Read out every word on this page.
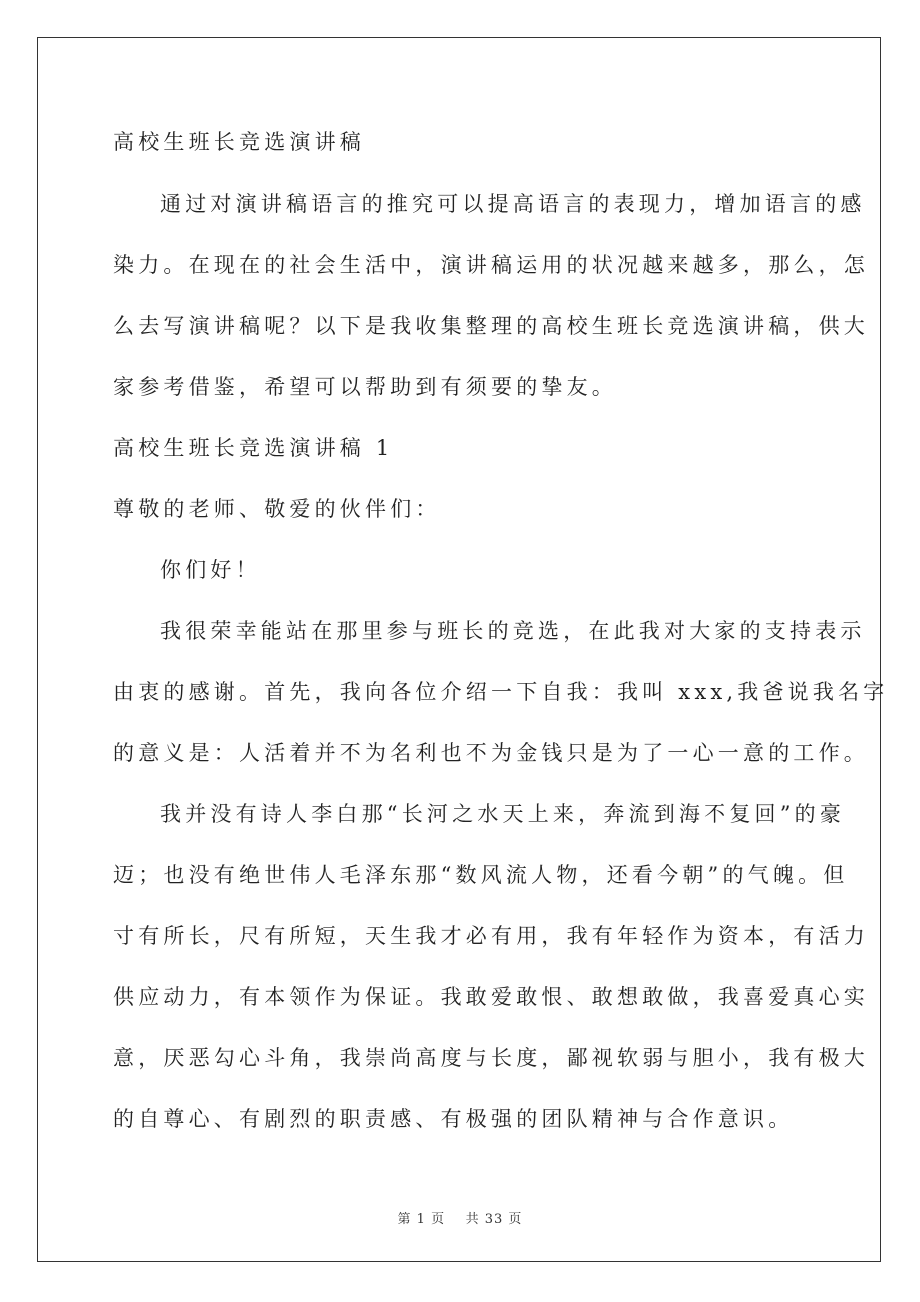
高校生班长竞选演讲稿
通过对演讲稿语言的推究可以提高语言的表现力，增加语言的感
染力。在现在的社会生活中，演讲稿运用的状况越来越多，那么，怎
么去写演讲稿呢？以下是我收集整理的高校生班长竞选演讲稿，供大
家参考借鉴，希望可以帮助到有须要的挚友。
高校生班长竞选演讲稿 1
尊敬的老师、敬爱的伙伴们：
你们好！
我很荣幸能站在那里参与班长的竞选，在此我对大家的支持表示
由衷的感谢。首先，我向各位介绍一下自我：我叫 xxx,我爸说我名字
的意义是：人活着并不为名利也不为金钱只是为了一心一意的工作。
我并没有诗人李白那“长河之水天上来，奔流到海不复回”的豪
迈；也没有绝世伟人毛泽东那“数风流人物，还看今朝”的气魄。但
寸有所长，尺有所短，天生我才必有用，我有年轻作为资本，有活力
供应动力，有本领作为保证。我敢爱敢恨、敢想敢做，我喜爱真心实
意，厌恶勾心斗角，我崇尚高度与长度，鄙视软弱与胆小，我有极大
的自尊心、有剧烈的职责感、有极强的团队精神与合作意识。
第 1 页 共 33 页
